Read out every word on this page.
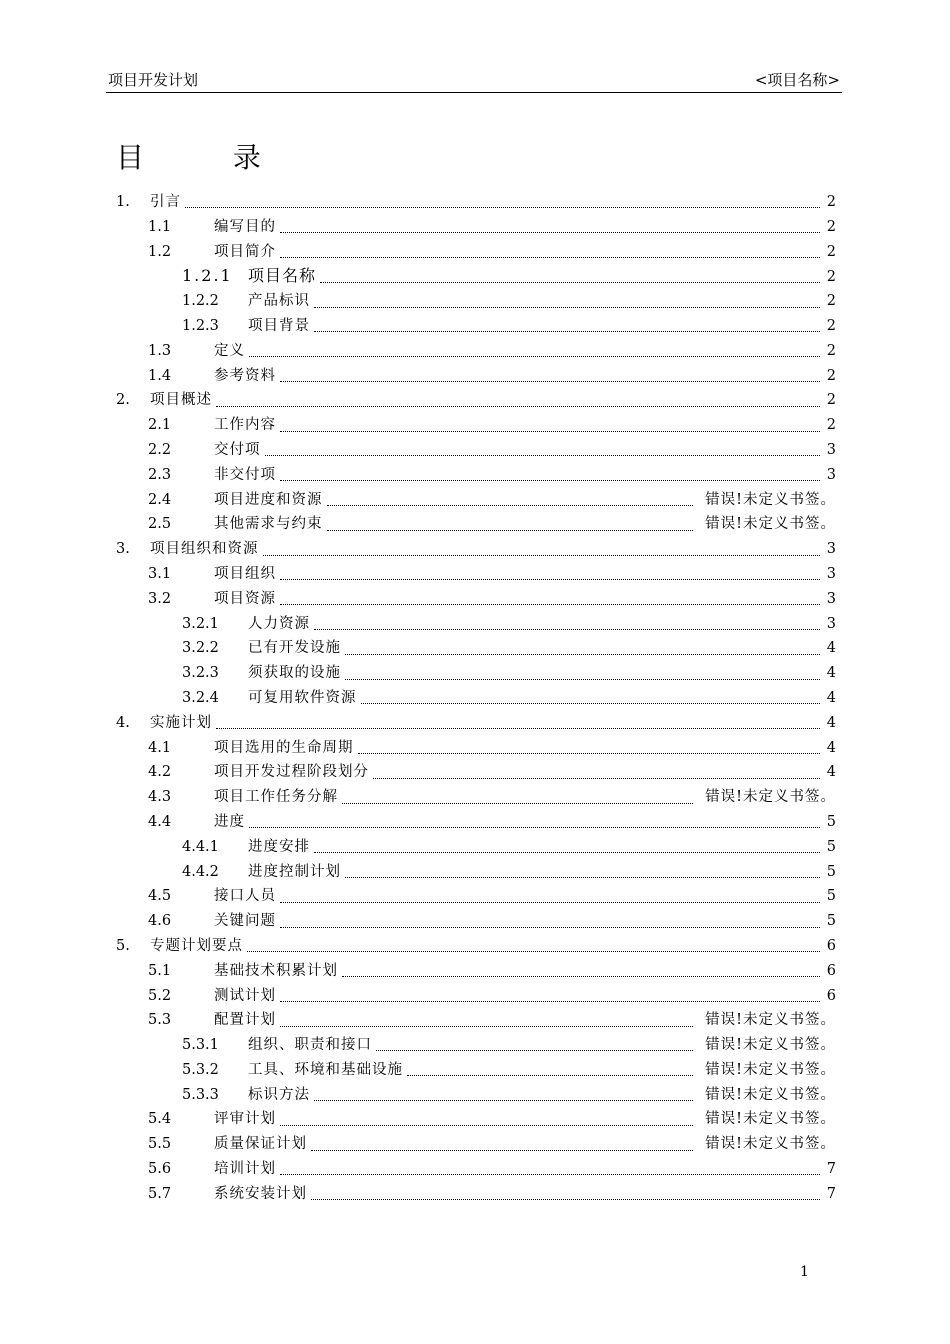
项目开发计划	<项目名称>
目 录
1.	引言	2
1.1	编写目的	2
1.2	项目简介	2
1.2.1 项目名称	2
1.2.2	产品标识	2
1.2.3	项目背景	2
1.3	定义	2
1.4	参考资料	2
2.	项目概述	2
2.1	工作内容	2
2.2	交付项	3
2.3	非交付项	3
2.4	项目进度和资源	错误!未定义书签。
2.5	其他需求与约束	错误!未定义书签。
3.	项目组织和资源	3
3.1	项目组织	3
3.2	项目资源	3
3.2.1	人力资源	3
3.2.2	已有开发设施	4
3.2.3	须获取的设施	4
3.2.4	可复用软件资源	4
4.	实施计划	4
4.1	项目选用的生命周期	4
4.2	项目开发过程阶段划分	4
4.3	项目工作任务分解	错误!未定义书签。
4.4	进度	5
4.4.1	进度安排	5
4.4.2	进度控制计划	5
4.5	接口人员	5
4.6	关键问题	5
5.	专题计划要点	6
5.1	基础技术积累计划	6
5.2	测试计划	6
5.3	配置计划	错误!未定义书签。
5.3.1	组织、职责和接口	错误!未定义书签。
5.3.2	工具、环境和基础设施	错误!未定义书签。
5.3.3	标识方法	错误!未定义书签。
5.4	评审计划	错误!未定义书签。
5.5	质量保证计划	错误!未定义书签。
5.6	培训计划	7
5.7	系统安装计划	7
1
